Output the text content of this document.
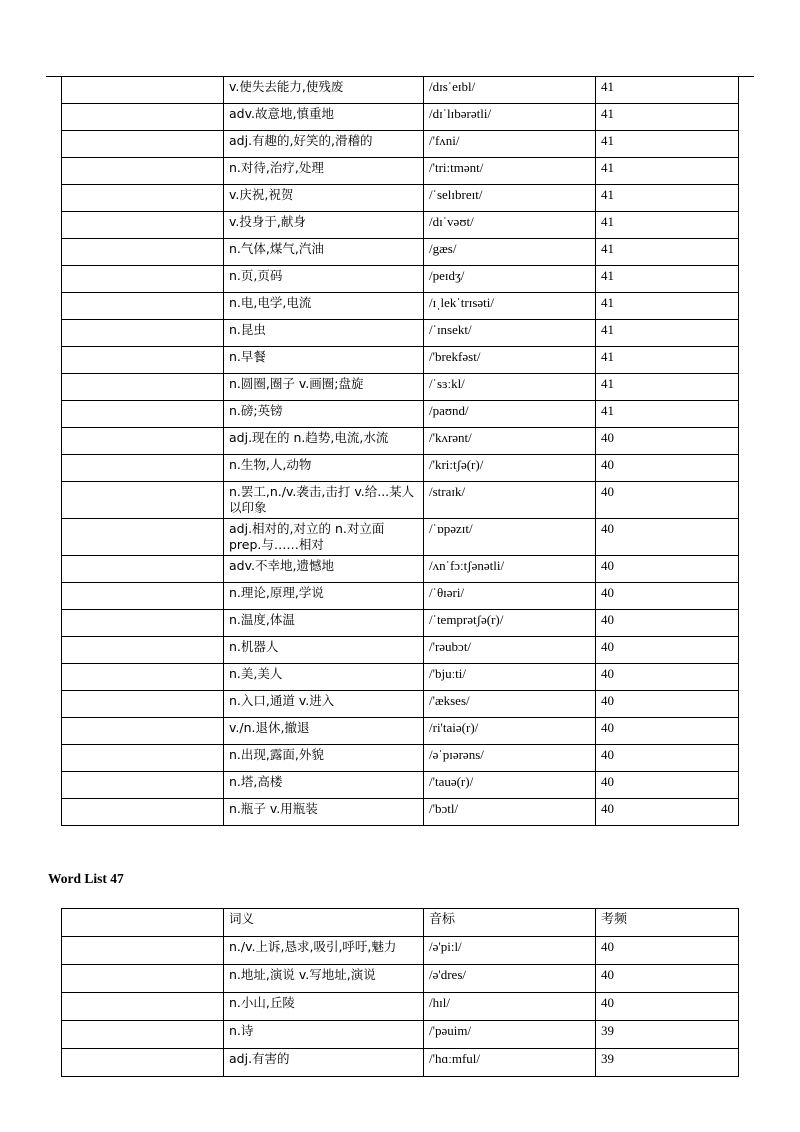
	v.使失去能力,使残废	/dɪsˈeɪbl/	41
	adv.故意地,慎重地	/dɪˈlɪbərətli/	41
	adj.有趣的,好笑的,滑稽的	/'fʌni/	41
	n.对待,治疗,处理	/'tri:tmənt/	41
	v.庆祝,祝贺	/ˈselɪbreɪt/	41
	v.投身于,献身	/dɪˈvəʊt/	41
	n.气体,煤气,汽油	/gæs/	41
	n.页,页码	/peɪdʒ/	41
	n.电,电学,电流	/ɪˌlekˈtrɪsəti/	41
	n.昆虫	/ˈɪnsekt/	41
	n.早餐	/'brekfəst/	41
	n.圆圈,圈子 v.画圈;盘旋	/ˈsɜːkl/	41
	n.磅;英镑	/paʊnd/	41
	adj.现在的 n.趋势,电流,水流	/'kʌrənt/	40
	n.生物,人,动物	/'kri:tʃə(r)/	40
	n.罢工,n./v.袭击,击打 v.给...某人以印象	/straɪk/	40
	adj.相对的,对立的 n.对立面 prep.与……相对	/ˈɒpəzɪt/	40
	adv.不幸地,遗憾地	/ʌnˈfɔːtʃənətli/	40
	n.理论,原理,学说	/ˈθɪəri/	40
	n.温度,体温	/ˈtemprətʃə(r)/	40
	n.机器人	/'rəubɔt/	40
	n.美,美人	/'bjuːti/	40
	n.入口,通道 v.进入	/'ækses/	40
	v./n.退休,撤退	/ri'taiə(r)/	40
	n.出现,露面,外貌	/əˈpɪərəns/	40
	n.塔,高楼	/'tauə(r)/	40
	n.瓶子 v.用瓶装	/'bɔtl/	40
Word List 47
	词义	音标	考频
	n./v.上诉,恳求,吸引,呼吁,魅力	/ə'pi:l/	40
	n.地址,演说 v.写地址,演说	/ə'dres/	40
	n.小山,丘陵	/hɪl/	40
	n.诗	/'pəuim/	39
	adj.有害的	/'hɑːmful/	39
